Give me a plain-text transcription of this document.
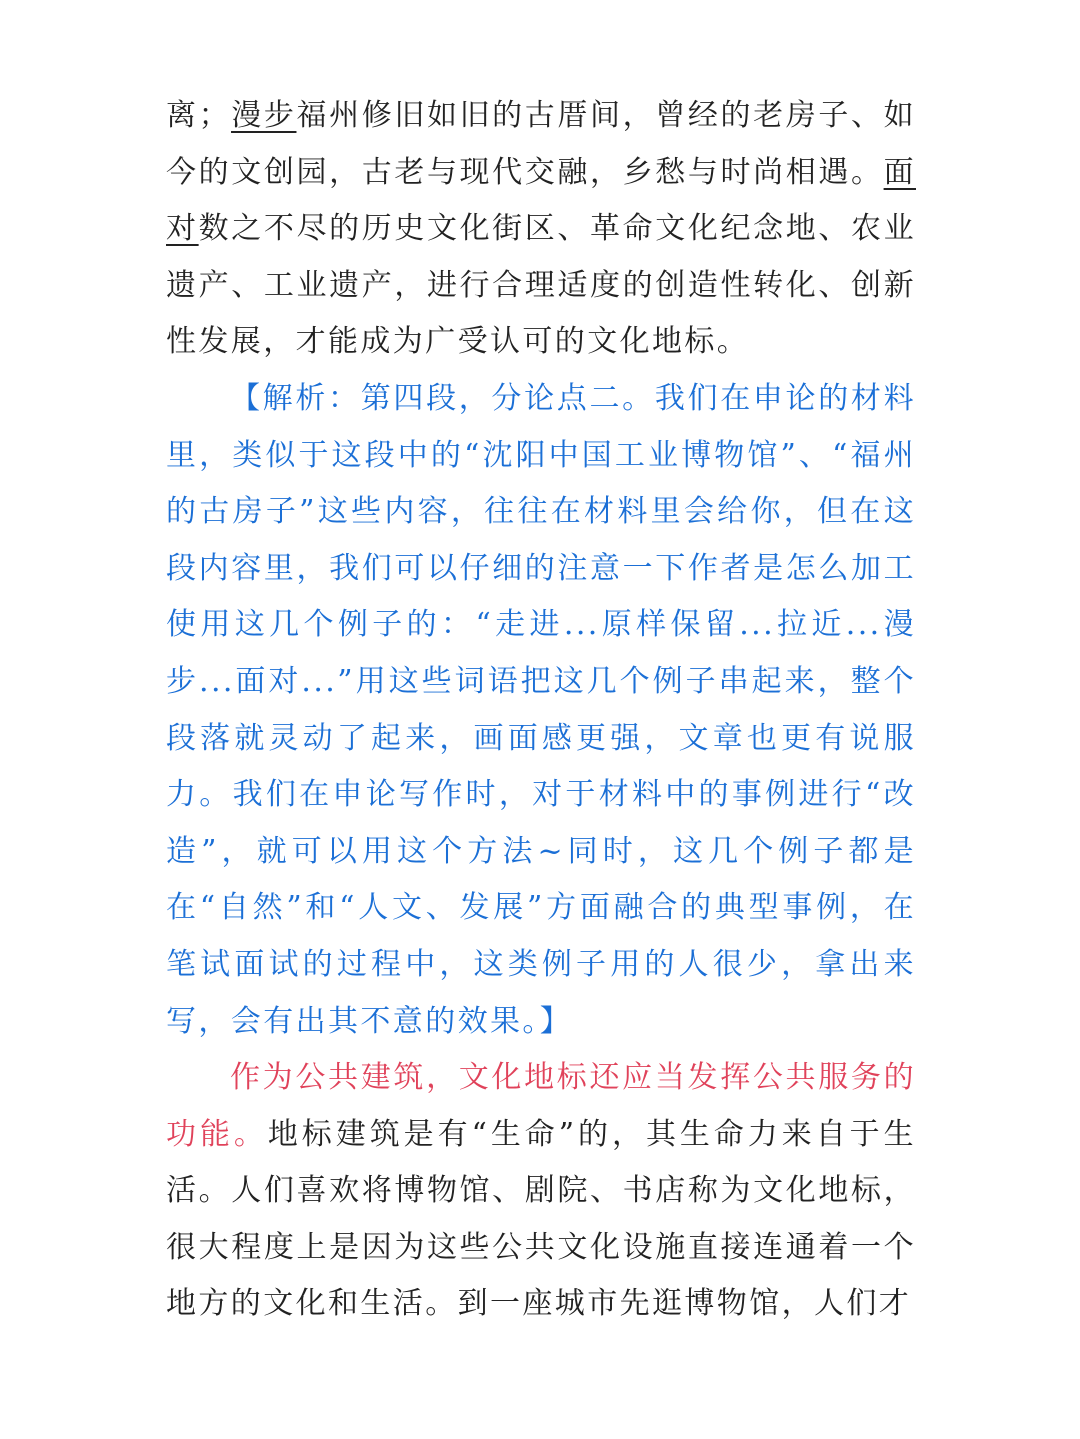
离；漫步福州修旧如旧的古厝间，曾经的老房子、如今的文创园，古老与现代交融，乡愁与时尚相遇。面对数之不尽的历史文化街区、革命文化纪念地、农业遗产、工业遗产，进行合理适度的创造性转化、创新性发展，才能成为广受认可的文化地标。

【解析：第四段，分论点二。我们在申论的材料里，类似于这段中的“沈阳中国工业博物馆”、“福州的古房子”这些内容，往往在材料里会给你，但在这段内容里，我们可以仔细的注意一下作者是怎么加工使用这几个例子的：“走进...原样保留...拉近...漫步...面对...”用这些词语把这几个例子串起来，整个段落就灵动了起来，画面感更强，文章也更有说服力。我们在申论写作时，对于材料中的事例进行“改造”，就可以用这个方法~同时，这几个例子都是在“自然”和“人文、发展”方面融合的典型事例，在笔试面试的过程中，这类例子用的人很少，拿出来写，会有出其不意的效果。】

作为公共建筑，文化地标还应当发挥公共服务的功能。地标建筑是有“生命”的，其生命力来自于生活。人们喜欢将博物馆、剧院、书店称为文化地标，很大程度上是因为这些公共文化设施直接连通着一个地方的文化和生活。到一座城市先逛博物馆，人们才
